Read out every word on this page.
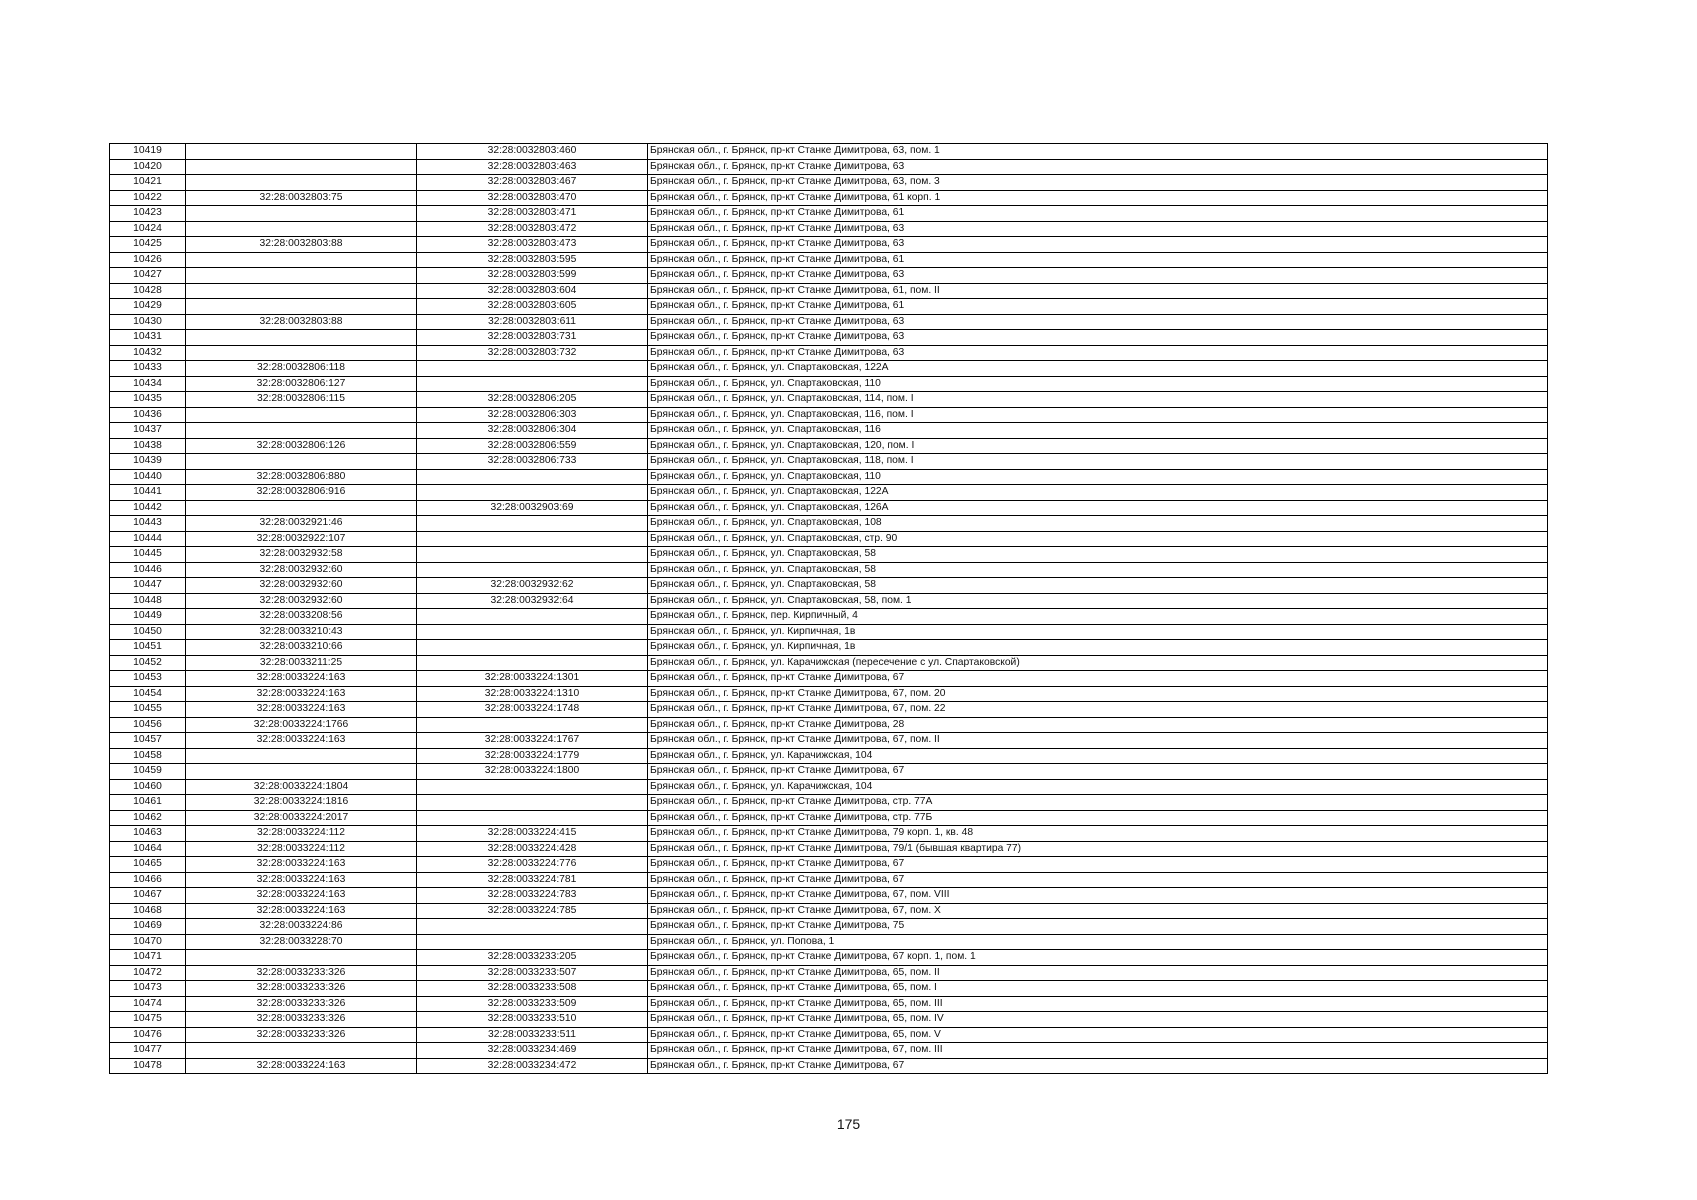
10419		32:28:0032803:460	Брянская обл., г. Брянск, пр-кт Станке Димитрова, 63, пом. 1
10420		32:28:0032803:463	Брянская обл., г. Брянск, пр-кт Станке Димитрова, 63
10421		32:28:0032803:467	Брянская обл., г. Брянск, пр-кт Станке Димитрова, 63, пом. 3
10422	32:28:0032803:75	32:28:0032803:470	Брянская обл., г. Брянск, пр-кт Станке Димитрова, 61 корп. 1
10423		32:28:0032803:471	Брянская обл., г. Брянск, пр-кт Станке Димитрова, 61
10424		32:28:0032803:472	Брянская обл., г. Брянск, пр-кт Станке Димитрова, 63
10425	32:28:0032803:88	32:28:0032803:473	Брянская обл., г. Брянск, пр-кт Станке Димитрова, 63
10426		32:28:0032803:595	Брянская обл., г. Брянск, пр-кт Станке Димитрова, 61
10427		32:28:0032803:599	Брянская обл., г. Брянск, пр-кт Станке Димитрова, 63
10428		32:28:0032803:604	Брянская обл., г. Брянск, пр-кт Станке Димитрова, 61, пом. II
10429		32:28:0032803:605	Брянская обл., г. Брянск, пр-кт Станке Димитрова, 61
10430	32:28:0032803:88	32:28:0032803:611	Брянская обл., г. Брянск, пр-кт Станке Димитрова, 63
10431		32:28:0032803:731	Брянская обл., г. Брянск, пр-кт Станке Димитрова, 63
10432		32:28:0032803:732	Брянская обл., г. Брянск, пр-кт Станке Димитрова, 63
10433	32:28:0032806:118		Брянская обл., г. Брянск, ул. Спартаковская, 122А
10434	32:28:0032806:127		Брянская обл., г. Брянск, ул. Спартаковская, 110
10435	32:28:0032806:115	32:28:0032806:205	Брянская обл., г. Брянск, ул. Спартаковская, 114, пом. I
10436		32:28:0032806:303	Брянская обл., г. Брянск, ул. Спартаковская, 116, пом. I
10437		32:28:0032806:304	Брянская обл., г. Брянск, ул. Спартаковская, 116
10438	32:28:0032806:126	32:28:0032806:559	Брянская обл., г. Брянск, ул. Спартаковская, 120, пом. I
10439		32:28:0032806:733	Брянская обл., г. Брянск, ул. Спартаковская, 118, пом. I
10440	32:28:0032806:880		Брянская обл., г. Брянск, ул. Спартаковская, 110
10441	32:28:0032806:916		Брянская обл., г. Брянск, ул. Спартаковская, 122А
10442		32:28:0032903:69	Брянская обл., г. Брянск, ул. Спартаковская, 126А
10443	32:28:0032921:46		Брянская обл., г. Брянск, ул. Спартаковская, 108
10444	32:28:0032922:107		Брянская обл., г. Брянск, ул. Спартаковская, стр. 90
10445	32:28:0032932:58		Брянская обл., г. Брянск, ул. Спартаковская, 58
10446	32:28:0032932:60		Брянская обл., г. Брянск, ул. Спартаковская, 58
10447	32:28:0032932:60	32:28:0032932:62	Брянская обл., г. Брянск, ул. Спартаковская, 58
10448	32:28:0032932:60	32:28:0032932:64	Брянская обл., г. Брянск, ул. Спартаковская, 58, пом. 1
10449	32:28:0033208:56		Брянская обл., г. Брянск, пер. Кирпичный, 4
10450	32:28:0033210:43		Брянская обл., г. Брянск, ул. Кирпичная, 1в
10451	32:28:0033210:66		Брянская обл., г. Брянск, ул. Кирпичная, 1в
10452	32:28:0033211:25		Брянская обл., г. Брянск, ул. Карачижская (пересечение с ул. Спартаковской)
10453	32:28:0033224:163	32:28:0033224:1301	Брянская обл., г. Брянск, пр-кт Станке Димитрова, 67
10454	32:28:0033224:163	32:28:0033224:1310	Брянская обл., г. Брянск, пр-кт Станке Димитрова, 67, пом. 20
10455	32:28:0033224:163	32:28:0033224:1748	Брянская обл., г. Брянск, пр-кт Станке Димитрова, 67, пом. 22
10456	32:28:0033224:1766		Брянская обл., г. Брянск, пр-кт Станке Димитрова, 28
10457	32:28:0033224:163	32:28:0033224:1767	Брянская обл., г. Брянск, пр-кт Станке Димитрова, 67, пом. II
10458		32:28:0033224:1779	Брянская обл., г. Брянск, ул. Карачижская, 104
10459		32:28:0033224:1800	Брянская обл., г. Брянск, пр-кт Станке Димитрова, 67
10460	32:28:0033224:1804		Брянская обл., г. Брянск, ул. Карачижская, 104
10461	32:28:0033224:1816		Брянская обл., г. Брянск, пр-кт Станке Димитрова, стр. 77А
10462	32:28:0033224:2017		Брянская обл., г. Брянск, пр-кт Станке Димитрова, стр. 77Б
10463	32:28:0033224:112	32:28:0033224:415	Брянская обл., г. Брянск, пр-кт Станке Димитрова, 79 корп. 1, кв. 48
10464	32:28:0033224:112	32:28:0033224:428	Брянская обл., г. Брянск, пр-кт Станке Димитрова, 79/1 (бывшая квартира 77)
10465	32:28:0033224:163	32:28:0033224:776	Брянская обл., г. Брянск, пр-кт Станке Димитрова, 67
10466	32:28:0033224:163	32:28:0033224:781	Брянская обл., г. Брянск, пр-кт Станке Димитрова, 67
10467	32:28:0033224:163	32:28:0033224:783	Брянская обл., г. Брянск, пр-кт Станке Димитрова, 67, пом. VIII
10468	32:28:0033224:163	32:28:0033224:785	Брянская обл., г. Брянск, пр-кт Станке Димитрова, 67, пом. X
10469	32:28:0033224:86		Брянская обл., г. Брянск, пр-кт Станке Димитрова, 75
10470	32:28:0033228:70		Брянская обл., г. Брянск, ул. Попова, 1
10471		32:28:0033233:205	Брянская обл., г. Брянск, пр-кт Станке Димитрова, 67 корп. 1, пом. 1
10472	32:28:0033233:326	32:28:0033233:507	Брянская обл., г. Брянск, пр-кт Станке Димитрова, 65, пом. II
10473	32:28:0033233:326	32:28:0033233:508	Брянская обл., г. Брянск, пр-кт Станке Димитрова, 65, пом. I
10474	32:28:0033233:326	32:28:0033233:509	Брянская обл., г. Брянск, пр-кт Станке Димитрова, 65, пом. III
10475	32:28:0033233:326	32:28:0033233:510	Брянская обл., г. Брянск, пр-кт Станке Димитрова, 65, пом. IV
10476	32:28:0033233:326	32:28:0033233:511	Брянская обл., г. Брянск, пр-кт Станке Димитрова, 65, пом. V
10477		32:28:0033234:469	Брянская обл., г. Брянск, пр-кт Станке Димитрова, 67, пом. III
10478	32:28:0033224:163	32:28:0033234:472	Брянская обл., г. Брянск, пр-кт Станке Димитрова, 67
175
